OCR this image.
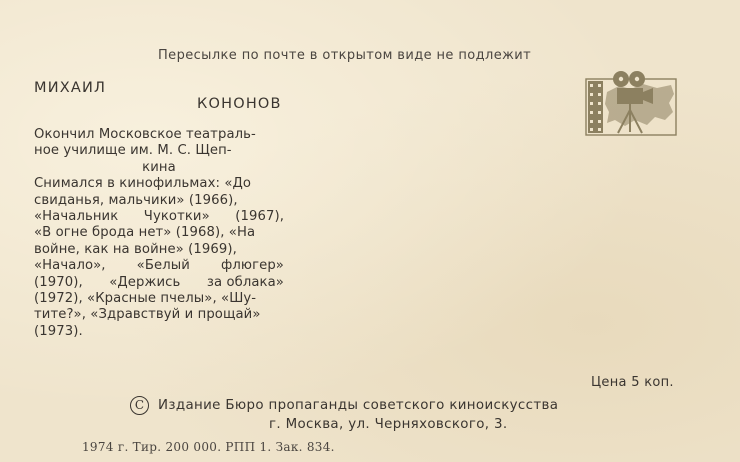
Пересылке по почте в открытом виде не подлежит
МИХАИЛ
КОНОНОВ
Окончил Московское театраль-
ное училище им. М. С. Щеп-
кина
Снимался в кинофильмах: «До
свиданья, мальчики» (1966),
«Начальник Чукотки» (1967),
«В огне брода нет» (1968), «На
войне, как на войне» (1969),
«Начало», «Белый флюгер»
(1970), «Держись за облака»
(1972), «Красные пчелы», «Шу-
тите?», «Здравствуй и прощай»
(1973).
Цена 5 коп.
C	Издание Бюро пропаганды советского киноискусства
г. Москва, ул. Черняховского, 3.
1974 г. Тир. 200 000. РПП 1. Зак. 834.
